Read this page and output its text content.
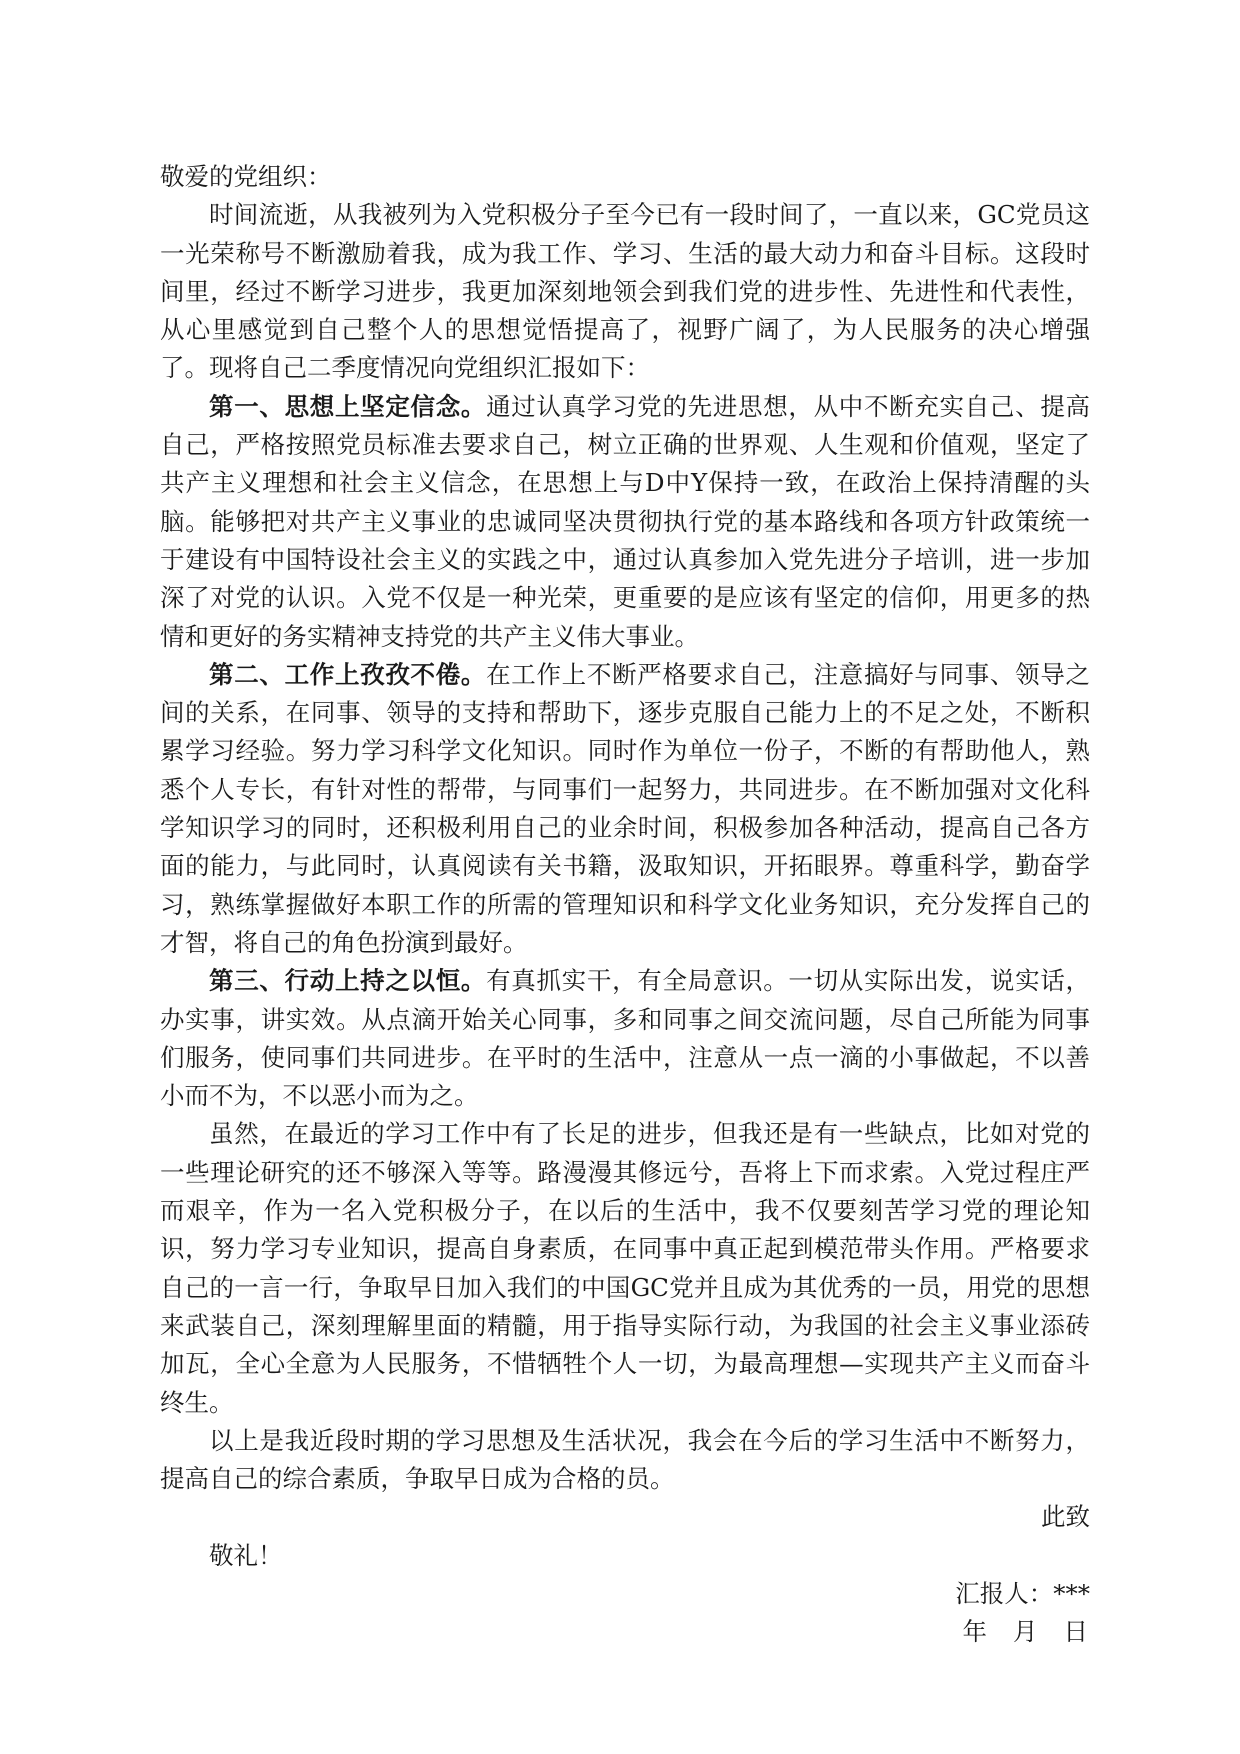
敬爱的党组织：

时间流逝，从我被列为入党积极分子至今已有一段时间了，一直以来，GC党员这一光荣称号不断激励着我，成为我工作、学习、生活的最大动力和奋斗目标。这段时间里，经过不断学习进步，我更加深刻地领会到我们党的进步性、先进性和代表性，从心里感觉到自己整个人的思想觉悟提高了，视野广阔了，为人民服务的决心增强了。现将自己二季度情况向党组织汇报如下：

第一、思想上坚定信念。通过认真学习党的先进思想，从中不断充实自己、提高自己，严格按照党员标准去要求自己，树立正确的世界观、人生观和价值观，坚定了共产主义理想和社会主义信念，在思想上与D中Y保持一致，在政治上保持清醒的头脑。能够把对共产主义事业的忠诚同坚决贯彻执行党的基本路线和各项方针政策统一于建设有中国特设社会主义的实践之中，通过认真参加入党先进分子培训，进一步加深了对党的认识。入党不仅是一种光荣，更重要的是应该有坚定的信仰，用更多的热情和更好的务实精神支持党的共产主义伟大事业。

第二、工作上孜孜不倦。在工作上不断严格要求自己，注意搞好与同事、领导之间的关系，在同事、领导的支持和帮助下，逐步克服自己能力上的不足之处，不断积累学习经验。努力学习科学文化知识。同时作为单位一份子，不断的有帮助他人，熟悉个人专长，有针对性的帮带，与同事们一起努力，共同进步。在不断加强对文化科学知识学习的同时，还积极利用自己的业余时间，积极参加各种活动，提高自己各方面的能力，与此同时，认真阅读有关书籍，汲取知识，开拓眼界。尊重科学，勤奋学习，熟练掌握做好本职工作的所需的管理知识和科学文化业务知识，充分发挥自己的才智，将自己的角色扮演到最好。

第三、行动上持之以恒。有真抓实干，有全局意识。一切从实际出发，说实话，办实事，讲实效。从点滴开始关心同事，多和同事之间交流问题，尽自己所能为同事们服务，使同事们共同进步。在平时的生活中，注意从一点一滴的小事做起，不以善小而不为，不以恶小而为之。

虽然，在最近的学习工作中有了长足的进步，但我还是有一些缺点，比如对党的一些理论研究的还不够深入等等。路漫漫其修远兮，吾将上下而求索。入党过程庄严而艰辛，作为一名入党积极分子，在以后的生活中，我不仅要刻苦学习党的理论知识，努力学习专业知识，提高自身素质，在同事中真正起到模范带头作用。严格要求自己的一言一行，争取早日加入我们的中国GC党并且成为其优秀的一员，用党的思想来武装自己，深刻理解里面的精髓，用于指导实际行动，为我国的社会主义事业添砖加瓦，全心全意为人民服务，不惜牺牲个人一切，为最高理想—实现共产主义而奋斗终生。

以上是我近段时期的学习思想及生活状况，我会在今后的学习生活中不断努力，提高自己的综合素质，争取早日成为合格的员。

此致

敬礼！

汇报人：***

年 月 日
